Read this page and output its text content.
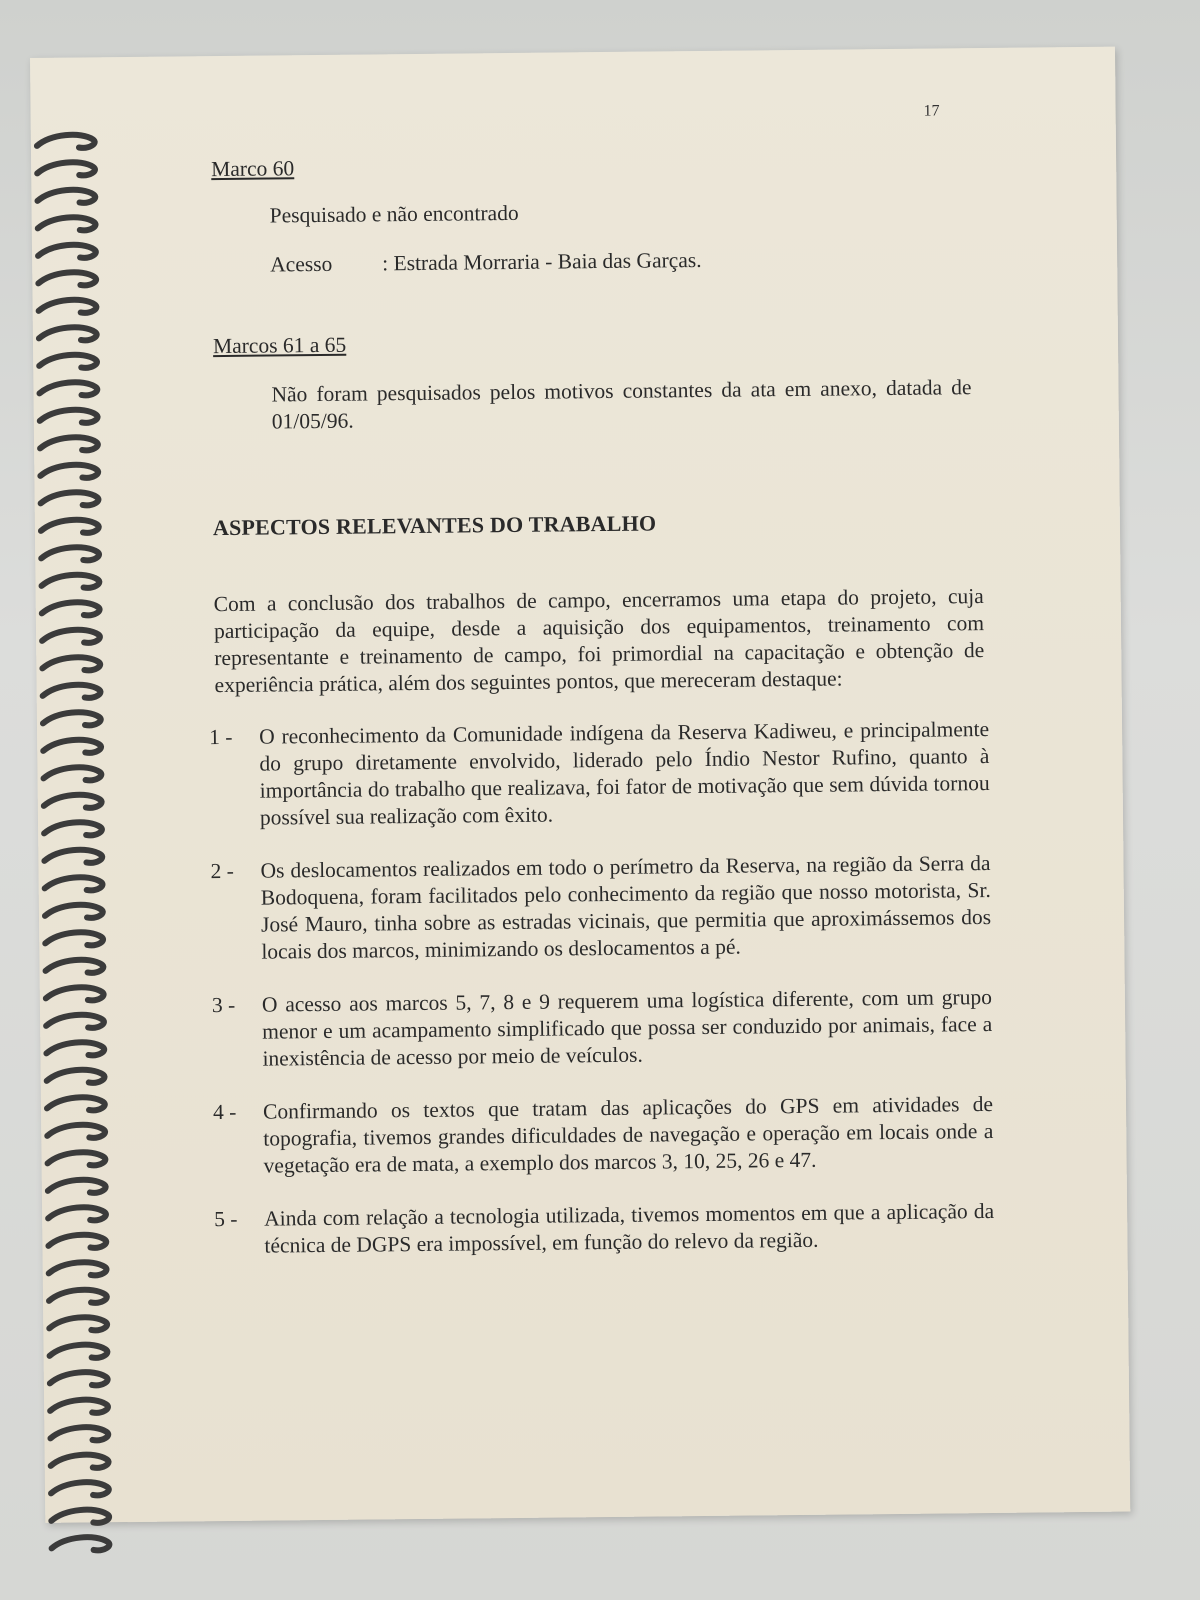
17
Marco 60
Pesquisado e não encontrado
Acesso	: Estrada Morraria - Baia das Garças.
Marcos 61 a 65
Não foram pesquisados pelos motivos constantes da ata em anexo, datada de 01/05/96.
ASPECTOS RELEVANTES DO TRABALHO
Com a conclusão dos trabalhos de campo, encerramos uma etapa do projeto, cuja participação da equipe, desde a aquisição dos equipamentos, treinamento com representante e treinamento de campo, foi primordial na capacitação e obtenção de experiência prática, além dos seguintes pontos, que mereceram destaque:
1 -	O reconhecimento da Comunidade indígena da Reserva Kadiweu, e principalmente do grupo diretamente envolvido, liderado pelo Índio Nestor Rufino, quanto à importância do trabalho que realizava, foi fator de motivação que sem dúvida tornou possível sua realização com êxito.
2 -	Os deslocamentos realizados em todo o perímetro da Reserva, na região da Serra da Bodoquena, foram facilitados pelo conhecimento da região que nosso motorista, Sr. José Mauro, tinha sobre as estradas vicinais, que permitia que aproximássemos dos locais dos marcos, minimizando os deslocamentos a pé.
3 -	O acesso aos marcos 5, 7, 8 e 9 requerem uma logística diferente, com um grupo menor e um acampamento simplificado que possa ser conduzido por animais, face a inexistência de acesso por meio de veículos.
4 -	Confirmando os textos que tratam das aplicações do GPS em atividades de topografia, tivemos grandes dificuldades de navegação e operação em locais onde a vegetação era de mata, a exemplo dos marcos 3, 10, 25, 26 e 47.
5 -	Ainda com relação a tecnologia utilizada, tivemos momentos em que a aplicação da técnica de DGPS era impossível, em função do relevo da região.
